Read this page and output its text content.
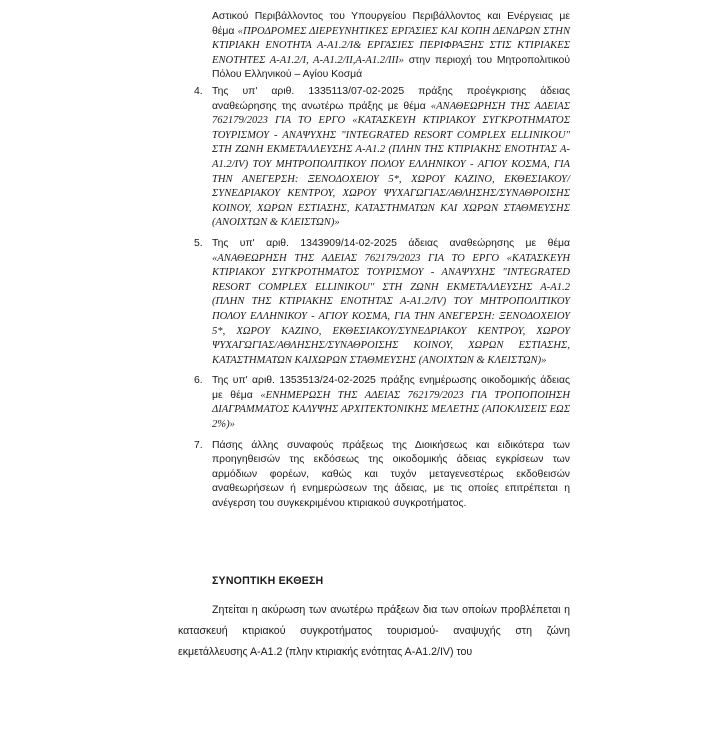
Αστικού Περιβάλλοντος του Υπουργείου Περιβάλλοντος και Ενέργειας με θέμα «ΠΡΟΔΡΟΜΕΣ ΔΙΕΡΕΥΝΗΤΙΚΕΣ ΕΡΓΑΣΙΕΣ ΚΑΙ ΚΟΠΗ ΔΕΝΔΡΩΝ ΣΤΗΝ ΚΤΙΡΙΑΚΗ ΕΝΟΤΗΤΑ Α-Α1.2/Ι& ΕΡΓΑΣΙΕΣ ΠΕΡΙΦΡΑΞΗΣ ΣΤΙΣ ΚΤΙΡΙΑΚΕΣ ΕΝΟΤΗΤΕΣ Α-Α1.2/Ι, Α-Α1.2/ΙΙ,Α-Α1.2/ΙΙΙ» στην περιοχή του Μητροπολιτικού Πόλου Ελληνικού – Αγίου Κοσμά

4. Της υπ' αριθ. 1335113/07-02-2025 πράξης προέγκρισης άδειας αναθεώρησης της ανωτέρω πράξης με θέμα «ΑΝΑΘΕΩΡΗΣΗ ΤΗΣ ΑΔΕΙΑΣ 762179/2023 ΓΙΑ ΤΟ ΕΡΓΟ «ΚΑΤΑΣΚΕΥΗ ΚΤΙΡΙΑΚΟΥ ΣΥΓΚΡΟΤΗΜΑΤΟΣ ΤΟΥΡΙΣΜΟΥ - ΑΝΑΨΥΧΗΣ "INTEGRATED RESORT COMPLEX ELLINIKOU" ΣΤΗ ΖΩΝΗ ΕΚΜΕΤΑΛΛΕΥΣΗΣ Α-Α1.2 (ΠΛΗΝ ΤΗΣ ΚΤΙΡΙΑΚΗΣ ΕΝΟΤΗΤΑΣ Α-Α1.2/IV) ΤΟΥ ΜΗΤΡΟΠΟΛΙΤΙΚΟΥ ΠΟΛΟΥ ΕΛΛΗΝΙΚΟΥ - ΑΓΙΟΥ ΚΟΣΜΑ, ΓΙΑ ΤΗΝ ΑΝΕΓΕΡΣΗ: ΞΕΝΟΔΟΧΕΙΟΥ 5*, ΧΩΡΟΥ ΚΑΖΙΝΟ, ΕΚΘΕΣΙΑΚΟΥ/ΣΥΝΕΔΡΙΑΚΟΥ ΚΕΝΤΡΟΥ, ΧΩΡΟΥ ΨΥΧΑΓΩΓΙΑΣ/ΑΘΛΗΣΗΣ/ΣΥΝΑΘΡΟΙΣΗΣ ΚΟΙΝΟΥ, ΧΩΡΩΝ ΕΣΤΙΑΣΗΣ, ΚΑΤΑΣΤΗΜΑΤΩΝ ΚΑΙ ΧΩΡΩΝ ΣΤΑΘΜΕΥΣΗΣ (ΑΝΟΙΧΤΩΝ & ΚΛΕΙΣΤΩΝ)»
5. Της υπ' αριθ. 1343909/14-02-2025 άδειας αναθεώρησης με θέμα «ΑΝΑΘΕΩΡΗΣΗ ΤΗΣ ΑΔΕΙΑΣ 762179/2023 ΓΙΑ ΤΟ ΕΡΓΟ «ΚΑΤΑΣΚΕΥΗ ΚΤΙΡΙΑΚΟΥ ΣΥΓΚΡΟΤΗΜΑΤΟΣ ΤΟΥΡΙΣΜΟΥ - ΑΝΑΨΥΧΗΣ "INTEGRATED RESORT COMPLEX ELLINIKOU'' ΣΤΗ ΖΩΝΗ ΕΚΜΕΤΑΛΛΕΥΣΗΣ Α-Α1.2 (ΠΛΗΝ ΤΗΣ ΚΤΙΡΙΑΚΗΣ ΕΝΟΤΗΤΑΣ Α-Α1.2/IV) ΤΟΥ ΜΗΤΡΟΠΟΛΙΤΙΚΟΥ ΠΟΛΟΥ ΕΛΛΗΝΙΚΟΥ - ΑΓΙΟΥ ΚΟΣΜΑ, ΓΙΑ ΤΗΝ ΑΝΕΓΕΡΣΗ: ΞΕΝΟΔΟΧΕΙΟΥ 5*, ΧΩΡΟΥ ΚΑΖΙΝΟ, ΕΚΘΕΣΙΑΚΟΥ/ΣΥΝΕΔΡΙΑΚΟΥ ΚΕΝΤΡΟΥ, ΧΩΡΟΥ ΨΥΧΑΓΩΓΙΑΣ/ΑΘΛΗΣΗΣ/ΣΥΝΑΘΡΟΙΣΗΣ ΚΟΙΝΟΥ, ΧΩΡΩΝ ΕΣΤΙΑΣΗΣ, ΚΑΤΑΣΤΗΜΑΤΩΝ ΚΑΙΧΩΡΩΝ ΣΤΑΘΜΕΥΣΗΣ (ΑΝΟΙΧΤΩΝ & ΚΛΕΙΣΤΩΝ)»
6. Της υπ' αριθ. 1353513/24-02-2025 πράξης ενημέρωσης οικοδομικής άδειας με θέμα «ΕΝΗΜΕΡΩΣΗ ΤΗΣ ΑΔΕΙΑΣ 762179/2023 ΓΙΑ ΤΡΟΠΟΠΟΙΗΣΗ ΔΙΑΓΡΑΜΜΑΤΟΣ ΚΑΛΥΨΗΣ ΑΡΧΙΤΕΚΤΟΝΙΚΗΣ ΜΕΛΕΤΗΣ (ΑΠΟΚΛΙΣΕΙΣ ΕΩΣ 2%)»
7. Πάσης άλλης συναφούς πράξεως της Διοικήσεως και ειδικότερα των προηγηθεισών της εκδόσεως της οικοδομικής άδειας εγκρίσεων των αρμόδιων φορέων, καθώς και τυχόν μεταγενεστέρως εκδοθεισών αναθεωρήσεων ή ενημερώσεων της άδειας, με τις οποίες επιτρέπεται η ανέγερση του συγκεκριμένου κτιριακού συγκροτήματος.
ΣΥΝΟΠΤΙΚΗ ΕΚΘΕΣΗ

Ζητείται η ακύρωση των ανωτέρω πράξεων δια των οποίων προβλέπεται η κατασκευή κτιριακού συγκροτήματος τουρισμού- αναψυχής στη ζώνη εκμετάλλευσης Α-Α1.2 (πλην κτιριακής ενότητας Α-Α1.2/IV) του
